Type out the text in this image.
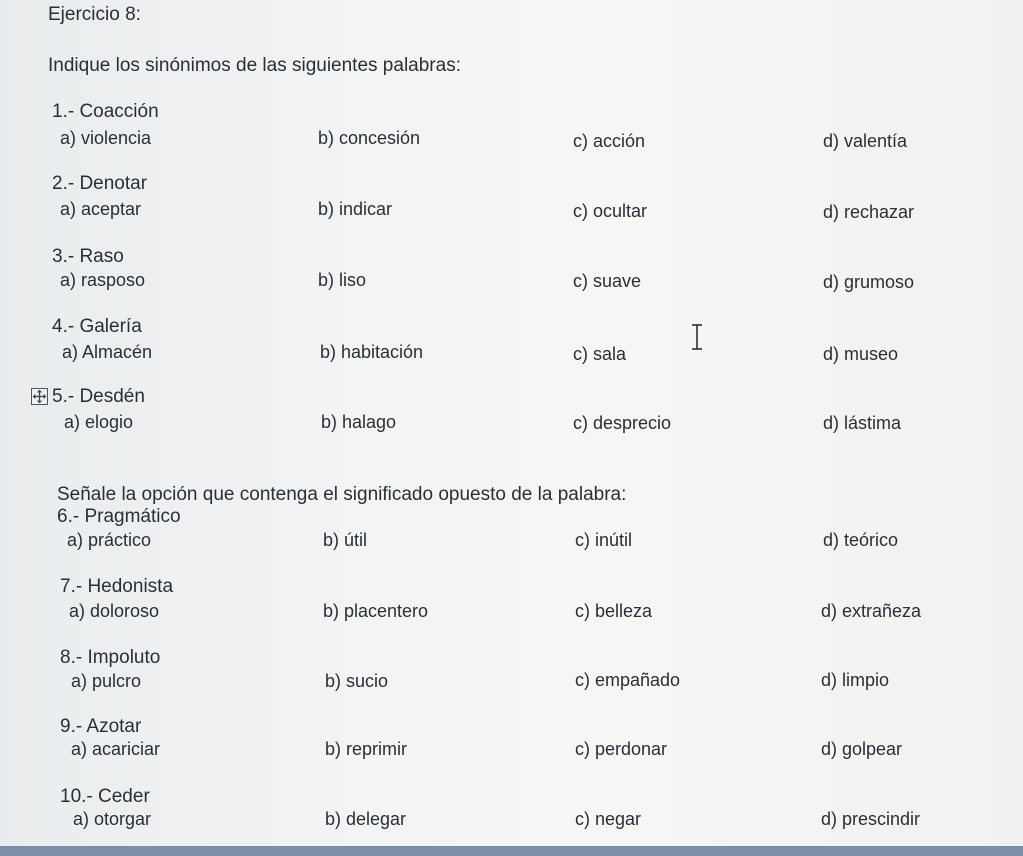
Ejercicio 8:
Indique los sinónimos de las siguientes palabras:
1.- Coacción
a) violencia	b) concesión	c) acción	d) valentía
2.- Denotar
a) aceptar	b) indicar	c) ocultar	d) rechazar
3.- Raso
a) rasposo	b) liso	c) suave	d) grumoso
4.- Galería
a) Almacén	b) habitación	c) sala	d) museo
5.- Desdén
a) elogio	b) halago	c) desprecio	d) lástima
Señale la opción que contenga el significado opuesto de la palabra:
6.- Pragmático
a) práctico	b) útil	c) inútil	d) teórico
7.- Hedonista
a) doloroso	b) placentero	c) belleza	d) extrañeza
8.- Impoluto
a) pulcro	b) sucio	c) empañado	d) limpio
9.- Azotar
a) acariciar	b) reprimir	c) perdonar	d) golpear
10.- Ceder
a) otorgar	b) delegar	c) negar	d) prescindir
